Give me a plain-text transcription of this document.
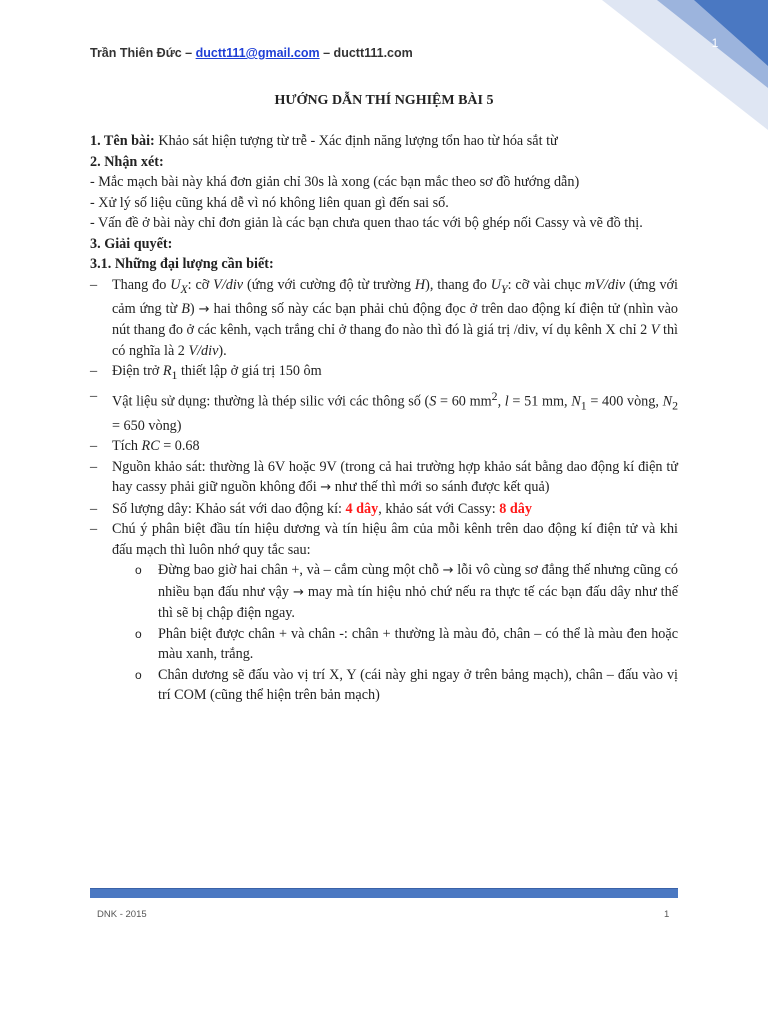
1
Trần Thiên Đức – ductt111@gmail.com – ductt111.com
HƯỚNG DẪN THÍ NGHIỆM BÀI 5

1. Tên bài: Khảo sát hiện tượng từ trễ - Xác định năng lượng tổn hao từ hóa sắt từ

2. Nhận xét:

- Mắc mạch bài này khá đơn giản chỉ 30s là xong (các bạn mắc theo sơ đồ hướng dẫn)

- Xử lý số liệu cũng khá dễ vì nó không liên quan gì đến sai số.

- Vấn đề ở bài này chỉ đơn giản là các bạn chưa quen thao tác với bộ ghép nối Cassy và vẽ đồ thị.

3. Giải quyết:

3.1. Những đại lượng cần biết:

– Thang đo $U_X$: cỡ V/div (ứng với cường độ từ trường H), thang đo $U_Y$: cỡ vài chục mV/div (ứng với cảm ứng từ B) → hai thông số này các bạn phải chủ động đọc ở trên dao động kí điện tử (nhìn vào nút thang đo ở các kênh, vạch trắng chỉ ở thang đo nào thì đó là giá trị /div, ví dụ kênh X chỉ 2 V thì có nghĩa là 2 V/div).
– Điện trở $R_1$ thiết lập ở giá trị 150 ôm
– Vật liệu sử dụng: thường là thép silic với các thông số (S = 60 $mm^2$, l = 51 mm, $N_1 = 400$ vòng, $N_2 = 650$ vòng)
– Tích RC = 0.68
– Nguồn khảo sát: thường là 6V hoặc 9V (trong cả hai trường hợp khảo sát bằng dao động kí điện tử hay cassy phải giữ nguồn không đổi → như thế thì mới so sánh được kết quả)
– Số lượng dây: Khảo sát với dao động kí: 4 dây, khảo sát với Cassy: 8 dây
– Chú ý phân biệt đầu tín hiệu dương và tín hiệu âm của mỗi kênh trên dao động kí điện tử và khi đấu mạch thì luôn nhớ quy tắc sau:
o Đừng bao giờ hai chân +, và – cắm cùng một chỗ → lỗi vô cùng sơ đẳng thế nhưng cũng có nhiều bạn đấu như vậy → may mà tín hiệu nhỏ chứ nếu ra thực tế các bạn đấu dây như thế thì sẽ bị chập điện ngay.
o Phân biệt được chân + và chân -: chân + thường là màu đỏ, chân – có thể là màu đen hoặc màu xanh, trắng.
o Chân dương sẽ đấu vào vị trí X, Y (cái này ghi ngay ở trên bảng mạch), chân – đấu vào vị trí COM (cũng thể hiện trên bản mạch)
DNK - 2015	1
